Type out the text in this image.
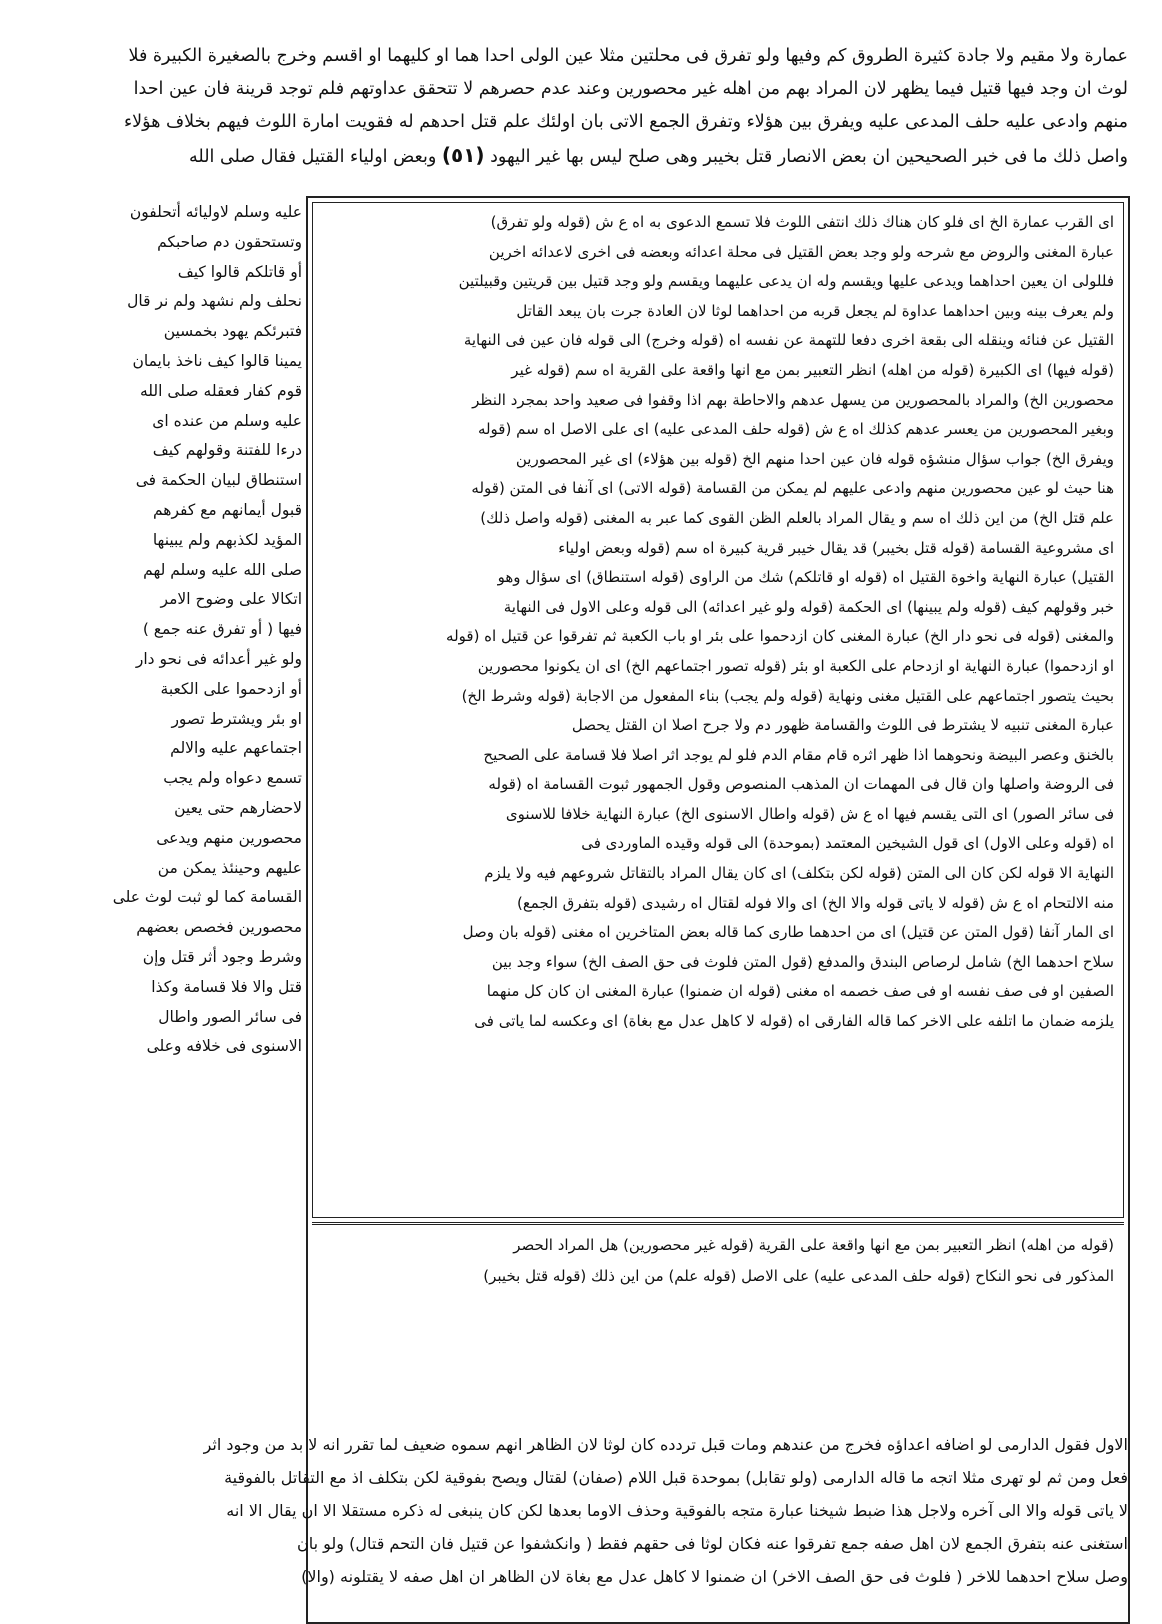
عمارة ولا مقيم ولا جادة كثيرة الطروق كم وفيها ولو تفرق فى محلتين مثلا عين الولى احدا هما او كليهما او اقسم وخرج بالصغيرة الكبيرة فلا
لوث ان وجد فيها قتيل فيما يظهر لان المراد بهم من اهله غير محصورين وعند عدم حصرهم لا تتحقق عداوتهم فلم توجد قرينة فان عين احدا
منهم وادعى عليه حلف المدعى عليه ويفرق بين هؤلاء وتفرق الجمع الاتى بان اولئك علم قتل احدهم له فقويت امارة اللوث فيهم بخلاف هؤلاء
واصل ذلك ما فى خبر الصحيحين ان بعض الانصار قتل بخيبر وهى صلح ليس بها غير اليهود (٥١) وبعض اولياء القتيل فقال صلى الله
اى القرب عمارة الخ اى فلو كان هناك ذلك انتفى اللوث فلا تسمع الدعوى به اه ع ش (قوله ولو تفرق)
عبارة المغنى والروض مع شرحه ولو وجد بعض القتيل فى محلة اعدائه وبعضه فى اخرى لاعدائه اخرين
فللولى ان يعين احداهما ويدعى عليها ويقسم وله ان يدعى عليهما ويقسم ولو وجد قتيل بين قريتين وقبيلتين
ولم يعرف بينه وبين احداهما عداوة لم يجعل قربه من احداهما لوثا لان العادة جرت بان يبعد القاتل
القتيل عن فنائه وينقله الى بقعة اخرى دفعا للتهمة عن نفسه اه (قوله وخرج) الى قوله فان عين فى النهاية
(قوله فيها) اى الكبيرة (قوله من اهله) انظر التعبير بمن مع انها واقعة على القرية اه سم (قوله غير
محصورين الخ) والمراد بالمحصورين من يسهل عدهم والاحاطة بهم اذا وقفوا فى صعيد واحد بمجرد النظر
وبغير المحصورين من يعسر عدهم كذلك اه ع ش (قوله حلف المدعى عليه) اى على الاصل اه سم (قوله
ويفرق الخ) جواب سؤال منشؤه قوله فان عين احدا منهم الخ (قوله بين هؤلاء) اى غير المحصورين
هنا حيث لو عين محصورين منهم وادعى عليهم لم يمكن من القسامة (قوله الاتى) اى آنفا فى المتن (قوله
علم قتل الخ) من اين ذلك اه سم و يقال المراد بالعلم الظن القوى كما عبر به المغنى (قوله واصل ذلك)
اى مشروعية القسامة (قوله قتل بخيبر) قد يقال خيبر قرية كبيرة اه سم (قوله وبعض اولياء
القتيل) عبارة النهاية واخوة القتيل اه (قوله او قاتلكم) شك من الراوى (قوله استنطاق) اى سؤال وهو
خبر وقولهم كيف (قوله ولم يبينها) اى الحكمة (قوله ولو غير اعدائه) الى قوله وعلى الاول فى النهاية
والمغنى (قوله فى نحو دار الخ) عبارة المغنى كان ازدحموا على بئر او باب الكعبة ثم تفرقوا عن قتيل اه (قوله
او ازدحموا) عبارة النهاية او ازدحام على الكعبة او بئر (قوله تصور اجتماعهم الخ) اى ان يكونوا محصورين
بحيث يتصور اجتماعهم على القتيل مغنى ونهاية (قوله ولم يجب) بناء المفعول من الاجابة (قوله وشرط الخ)
عبارة المغنى تنبيه لا يشترط فى اللوث والقسامة ظهور دم ولا جرح اصلا ان القتل يحصل
بالخنق وعصر البيضة ونحوهما اذا ظهر اثره قام مقام الدم فلو لم يوجد اثر اصلا فلا قسامة على الصحيح
فى الروضة واصلها وان قال فى المهمات ان المذهب المنصوص وقول الجمهور ثبوت القسامة اه (قوله
فى سائر الصور) اى التى يقسم فيها اه ع ش (قوله واطال الاسنوى الخ) عبارة النهاية خلافا للاسنوى
اه (قوله وعلى الاول) اى قول الشيخين المعتمد (بموحدة) الى قوله وقيده الماوردى فى
النهاية الا قوله لكن كان الى المتن (قوله لكن بتكلف) اى كان يقال المراد بالتقاتل شروعهم فيه ولا يلزم
منه الالتحام اه ع ش (قوله لا ياتى قوله والا الخ) اى والا فوله لقتال اه رشيدى (قوله بتفرق الجمع)
اى المار آنفا (قول المتن عن قتيل) اى من احدهما طارى كما قاله بعض المتاخرين اه مغنى (قوله بان وصل
سلاح احدهما الخ) شامل لرصاص البندق والمدفع (قول المتن فلوث فى حق الصف الخ) سواء وجد بين
الصفين او فى صف نفسه او فى صف خصمه اه مغنى (قوله ان ضمنوا) عبارة المغنى ان كان كل منهما
يلزمه ضمان ما اتلفه على الاخر كما قاله الفارقى اه (قوله لا كاهل عدل مع بغاة) اى وعكسه لما ياتى فى
(قوله من اهله) انظر التعبير بمن مع انها واقعة على القرية (قوله غير محصورين) هل المراد الحصر
المذكور فى نحو النكاح (قوله حلف المدعى عليه) على الاصل (قوله علم) من اين ذلك (قوله قتل بخيبر)
عليه وسلم لاوليائه أتحلفون
وتستحقون دم صاحبكم
أو قاتلكم قالوا كيف
نحلف ولم نشهد ولم نر قال
فتبرئكم يهود بخمسين
يمينا قالوا كيف ناخذ بايمان
قوم كفار فعقله صلى الله
عليه وسلم من عنده اى
درءا للفتنة وقولهم كيف
استنطاق لبيان الحكمة فى
قبول أيمانهم مع كفرهم
المؤيد لكذبهم ولم يبينها
صلى الله عليه وسلم لهم
اتكالا على وضوح الامر
فيها ( أو تفرق عنه جمع )
ولو غير أعدائه فى نحو دار
أو ازدحموا على الكعبة
او بئر ويشترط تصور
اجتماعهم عليه والالم
تسمع دعواه ولم يجب
لاحضارهم حتى يعين
محصورين منهم ويدعى
عليهم وحينئذ يمكن من
القسامة كما لو ثبت لوث على
محصورين فخصص بعضهم
وشرط وجود أثر قتل وإن
قتل والا فلا قسامة وكذا
فى سائر الصور واطال
الاسنوى فى خلافه وعلى
الاول فقول الدارمى لو اضافه اعداؤه فخرج من عندهم ومات قبل تردده كان لوثا لان الظاهر انهم سموه ضعيف لما تقرر انه لا بد من وجود اثر
فعل ومن ثم لو تهرى مثلا اتجه ما قاله الدارمى (ولو تقابل) بموحدة قبل اللام (صفان) لقتال ويصح بفوقية لكن بتكلف اذ مع التقاتل بالفوقية
لا ياتى قوله والا الى آخره ولاجل هذا ضبط شيخنا عبارة متجه بالفوقية وحذف الاوما بعدها لكن كان ينبغى له ذكره مستقلا الا ان يقال الا انه
استغنى عنه بتفرق الجمع لان اهل صفه جمع تفرقوا عنه فكان لوثا فى حقهم فقط ( وانكشفوا عن قتيل فان التحم قتال) ولو بان
وصل سلاح احدهما للاخر ( فلوث فى حق الصف الاخر) ان ضمنوا لا كاهل عدل مع بغاة لان الظاهر ان اهل صفه لا يقتلونه (والا)
